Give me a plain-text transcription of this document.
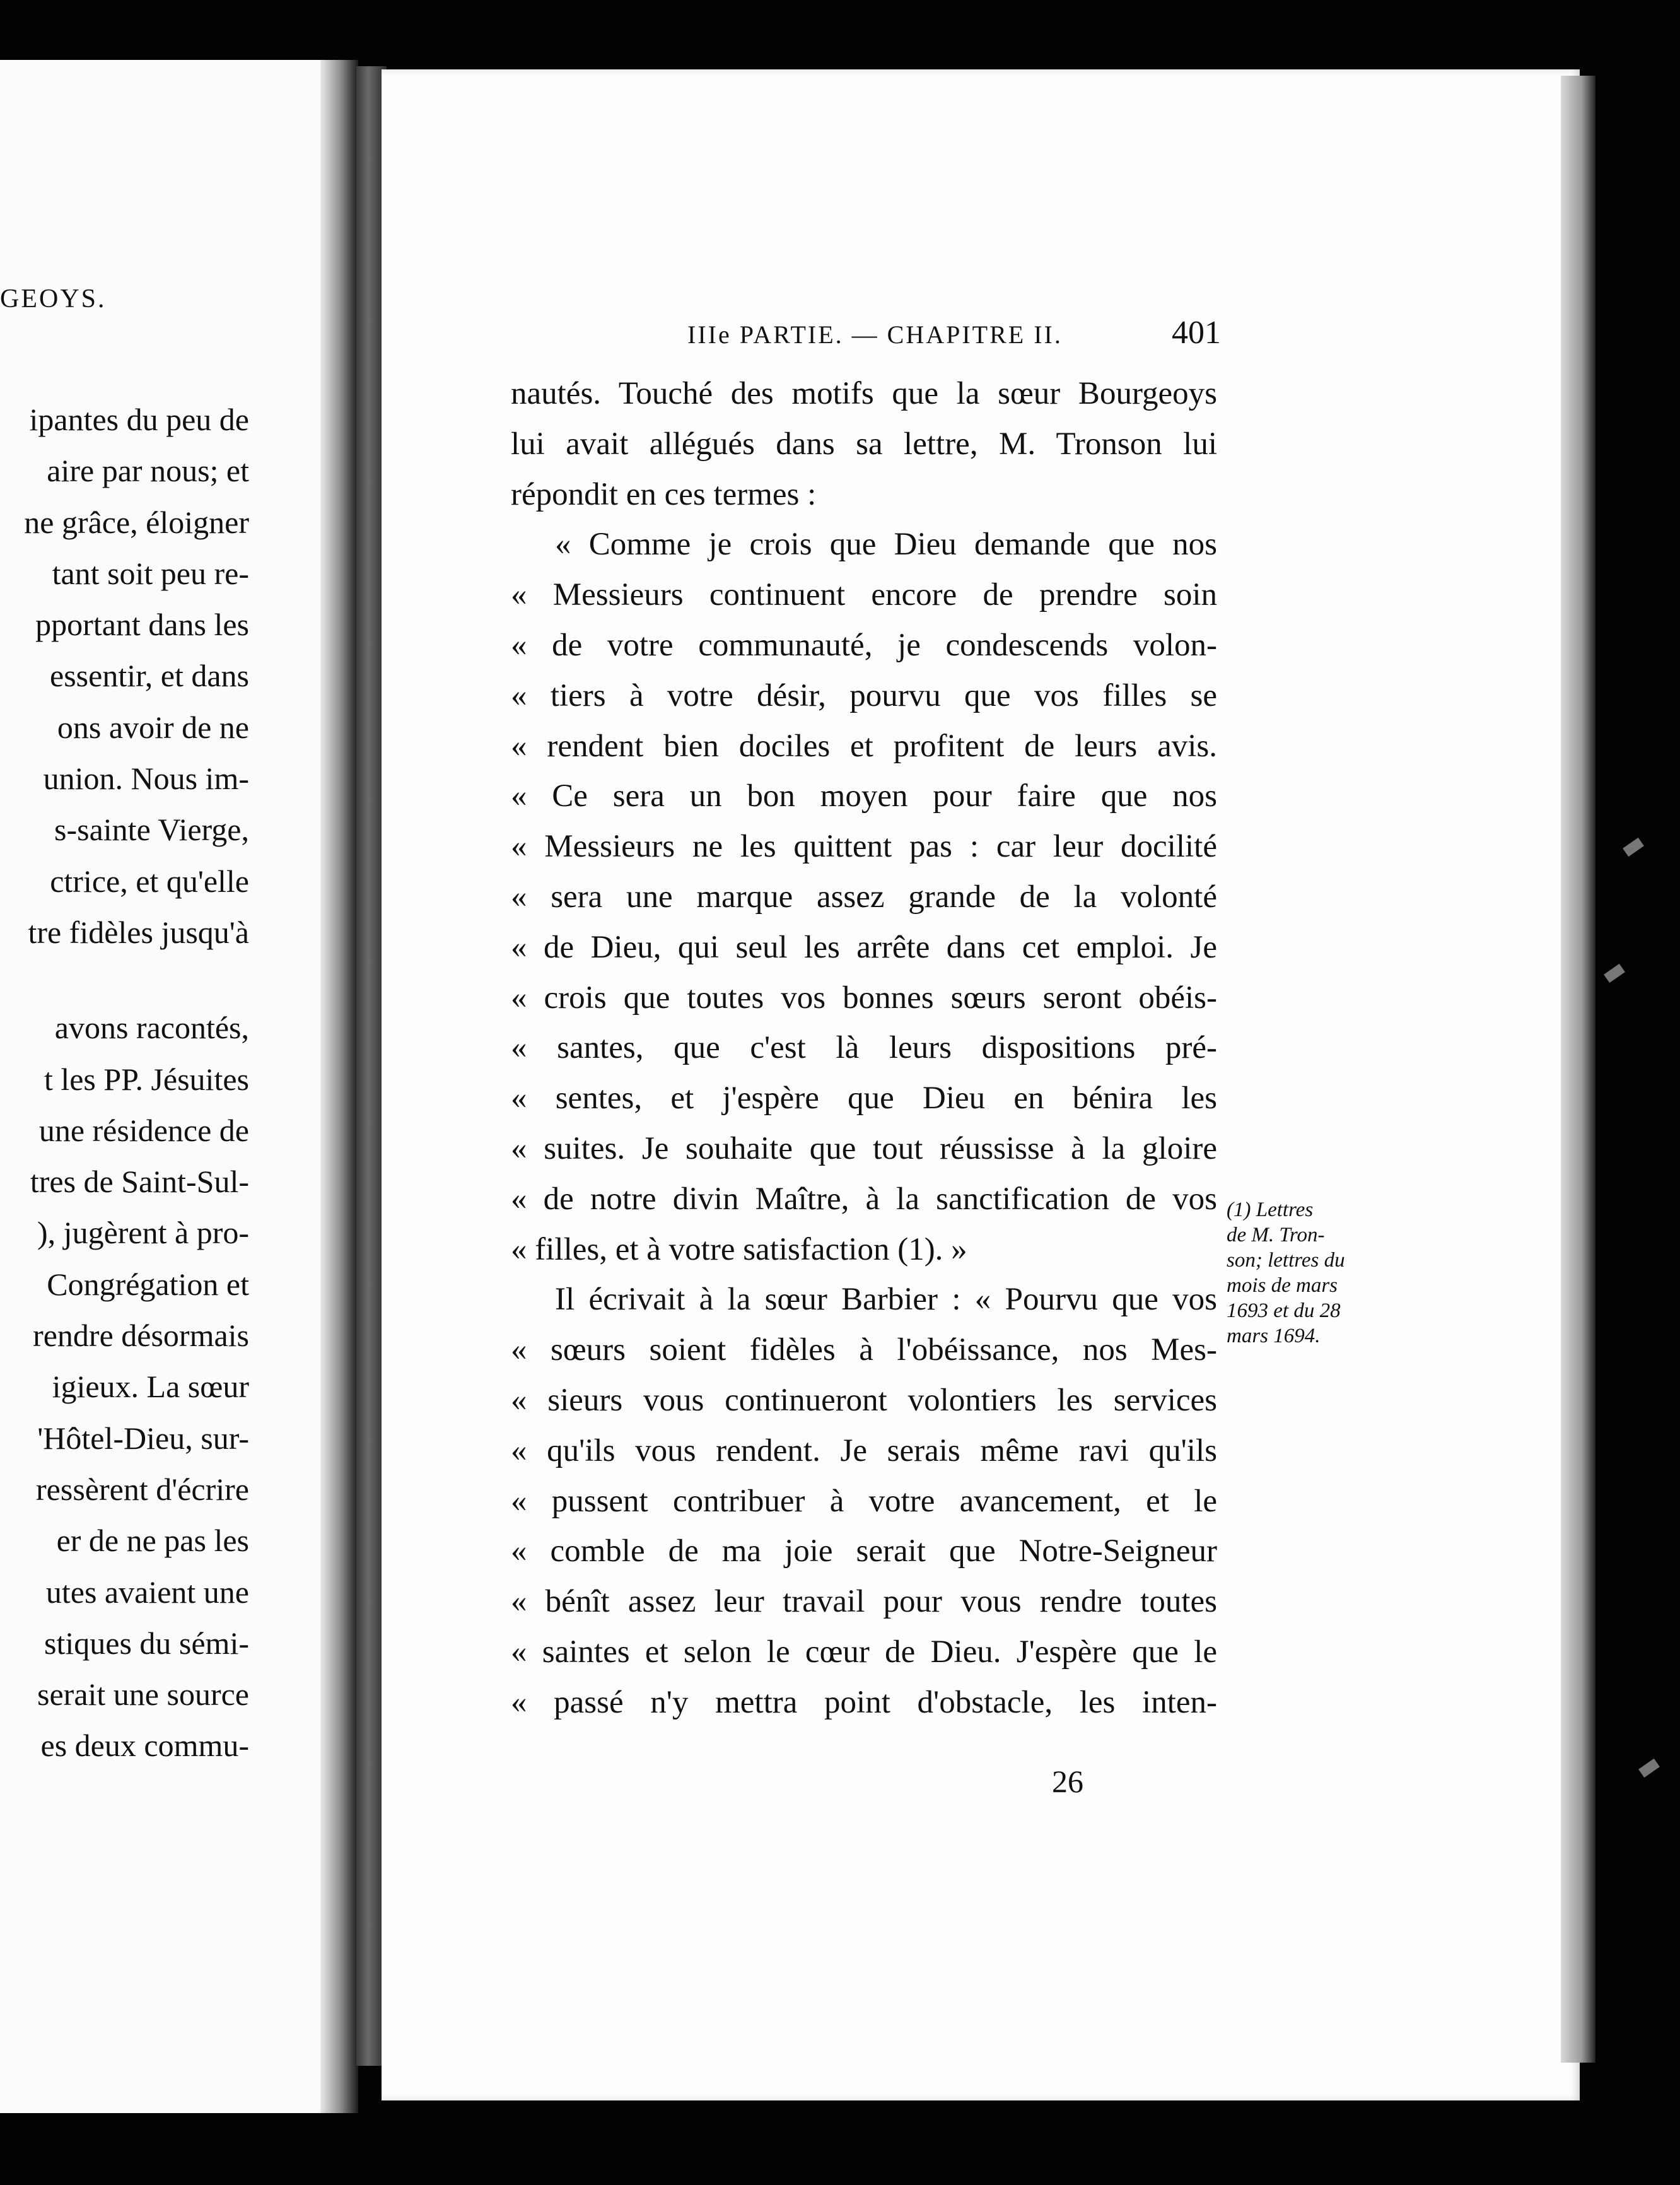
GEOYS.
ipantes du peu de
aire par nous; et
ne grâce, éloigner
tant soit peu re-
pportant dans les
essentir, et dans
ons avoir de ne
union. Nous im-
s-sainte Vierge,
ctrice, et qu'elle
tre fidèles jusqu'à
avons racontés,
t les PP. Jésuites
une résidence de
tres de Saint-Sul-
), jugèrent à pro-
Congrégation et
rendre désormais
igieux. La sœur
'Hôtel-Dieu, sur-
ressèrent d'écrire
er de ne pas les
utes avaient une
stiques du sémi-
serait une source
es deux commu-
IIIe PARTIE. — CHAPITRE II.	401
nautés. Touché des motifs que la sœur Bourgeoys
lui avait allégués dans sa lettre, M. Tronson lui
répondit en ces termes :
« Comme je crois que Dieu demande que nos
« Messieurs continuent encore de prendre soin
« de votre communauté, je condescends volon-
« tiers à votre désir, pourvu que vos filles se
« rendent bien dociles et profitent de leurs avis.
« Ce sera un bon moyen pour faire que nos
« Messieurs ne les quittent pas : car leur docilité
« sera une marque assez grande de la volonté
« de Dieu, qui seul les arrête dans cet emploi. Je
« crois que toutes vos bonnes sœurs seront obéis-
« santes, que c'est là leurs dispositions pré-
« sentes, et j'espère que Dieu en bénira les
« suites. Je souhaite que tout réussisse à la gloire
« de notre divin Maître, à la sanctification de vos
« filles, et à votre satisfaction (1). »
Il écrivait à la sœur Barbier : « Pourvu que vos
« sœurs soient fidèles à l'obéissance, nos Mes-
« sieurs vous continueront volontiers les services
« qu'ils vous rendent. Je serais même ravi qu'ils
« pussent contribuer à votre avancement, et le
« comble de ma joie serait que Notre-Seigneur
« bénît assez leur travail pour vous rendre toutes
« saintes et selon le cœur de Dieu. J'espère que le
« passé n'y mettra point d'obstacle, les inten-
26
(1) Lettres
de M. Tron-
son; lettres du
mois de mars
1693 et du 28
mars 1694.
